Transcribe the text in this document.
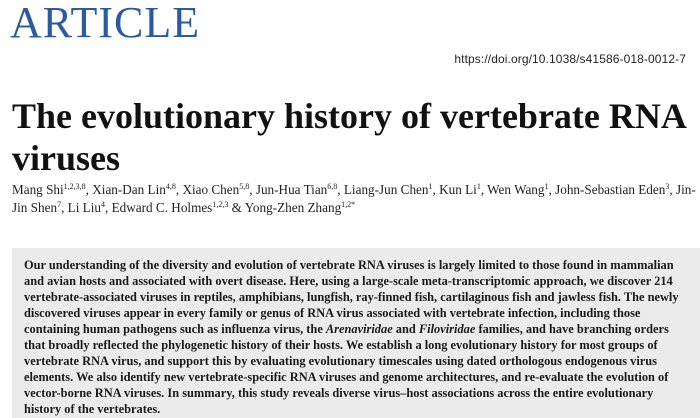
ARTICLE
https://doi.org/10.1038/s41586-018-0012-7
The evolutionary history of vertebrate RNA viruses

Mang Shi$^{1,2,3,8}$, Xian-Dan Lin$^{4,8}$, Xiao Chen$^{5,8}$, Jun-Hua Tian$^{6,8}$, Liang-Jun Chen$^1$, Kun Li$^1$, Wen Wang$^1$, John-Sebastian Eden$^3$, Jin-Jin Shen$^7$, Li Liu$^4$, Edward C. Holmes$^{1,2,3}$ & Yong-Zhen Zhang$^{1,2*}$

Our understanding of the diversity and evolution of vertebrate RNA viruses is largely limited to those found in mammalian and avian hosts and associated with overt disease. Here, using a large-scale meta-transcriptomic approach, we discover 214 vertebrate-associated viruses in reptiles, amphibians, lungfish, ray-finned fish, cartilaginous fish and jawless fish. The newly discovered viruses appear in every family or genus of RNA virus associated with vertebrate infection, including those containing human pathogens such as influenza virus, the Arenaviridae and Filoviridae families, and have branching orders that broadly reflected the phylogenetic history of their hosts. We establish a long evolutionary history for most groups of vertebrate RNA virus, and support this by evaluating evolutionary timescales using dated orthologous endogenous virus elements. We also identify new vertebrate-specific RNA viruses and genome architectures, and re-evaluate the evolution of vector-borne RNA viruses. In summary, this study reveals diverse virus–host associations across the entire evolutionary history of the vertebrates.
